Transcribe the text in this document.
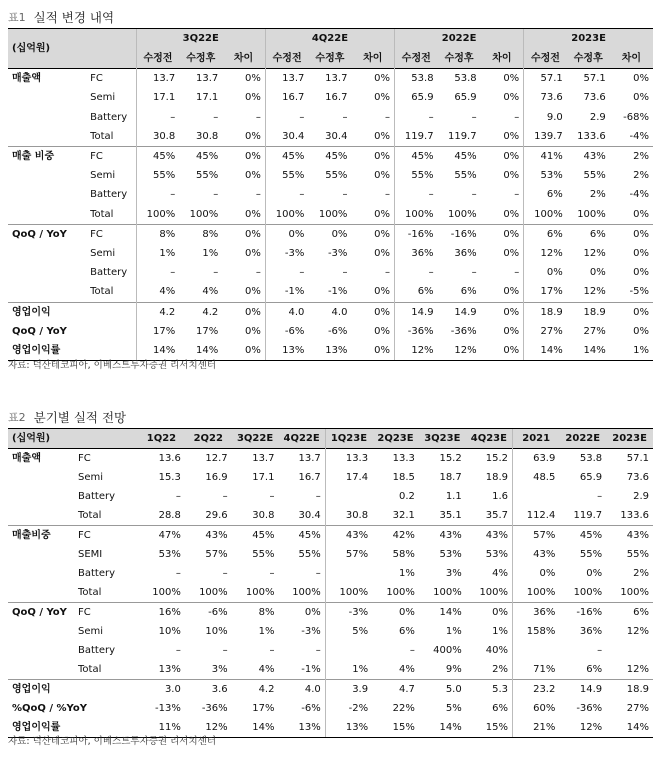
표1 실적 변경 내역
(십억원)		3Q22E			4Q22E			2022E			2023E		
		수정전	수정후	차이	수정전	수정후	차이	수정전	수정후	차이	수정전	수정후	차이
매출액	FC	13.7	13.7	0%	13.7	13.7	0%	53.8	53.8	0%	57.1	57.1	0%
	Semi	17.1	17.1	0%	16.7	16.7	0%	65.9	65.9	0%	73.6	73.6	0%
	Battery	–	–	–	–	–	–	–	–	–	9.0	2.9	-68%
	Total	30.8	30.8	0%	30.4	30.4	0%	119.7	119.7	0%	139.7	133.6	-4%
매출 비중	FC	45%	45%	0%	45%	45%	0%	45%	45%	0%	41%	43%	2%
	Semi	55%	55%	0%	55%	55%	0%	55%	55%	0%	53%	55%	2%
	Battery	–	–	–	–	–	–	–	–	–	6%	2%	-4%
	Total	100%	100%	0%	100%	100%	0%	100%	100%	0%	100%	100%	0%
QoQ / YoY	FC	8%	8%	0%	0%	0%	0%	-16%	-16%	0%	6%	6%	0%
	Semi	1%	1%	0%	-3%	-3%	0%	36%	36%	0%	12%	12%	0%
	Battery	–	–	–	–	–	–	–	–	–	0%	0%	0%
	Total	4%	4%	0%	-1%	-1%	0%	6%	6%	0%	17%	12%	-5%
영업이익		4.2	4.2	0%	4.0	4.0	0%	14.9	14.9	0%	18.9	18.9	0%
QoQ / YoY		17%	17%	0%	-6%	-6%	0%	-36%	-36%	0%	27%	27%	0%
영업이익률		14%	14%	0%	13%	13%	0%	12%	12%	0%	14%	14%	1%
자료: 덕산테코피아, 이베스트투자증권 리서치센터
표2 분기별 실적 전망
(십억원)		1Q22	2Q22	3Q22E	4Q22E	1Q23E	2Q23E	3Q23E	4Q23E	2021	2022E	2023E
매출액	FC	13.6	12.7	13.7	13.7	13.3	13.3	15.2	15.2	63.9	53.8	57.1
	Semi	15.3	16.9	17.1	16.7	17.4	18.5	18.7	18.9	48.5	65.9	73.6
	Battery	–	–	–	–		0.2	1.1	1.6		–	2.9
	Total	28.8	29.6	30.8	30.4	30.8	32.1	35.1	35.7	112.4	119.7	133.6
매출비중	FC	47%	43%	45%	45%	43%	42%	43%	43%	57%	45%	43%
	SEMI	53%	57%	55%	55%	57%	58%	53%	53%	43%	55%	55%
	Battery	–	–	–	–		1%	3%	4%	0%	0%	2%
	Total	100%	100%	100%	100%	100%	100%	100%	100%	100%	100%	100%
QoQ / YoY	FC	16%	-6%	8%	0%	-3%	0%	14%	0%	36%	-16%	6%
	Semi	10%	10%	1%	-3%	5%	6%	1%	1%	158%	36%	12%
	Battery	–	–	–	–		–	400%	40%		–	
	Total	13%	3%	4%	-1%	1%	4%	9%	2%	71%	6%	12%
영업이익		3.0	3.6	4.2	4.0	3.9	4.7	5.0	5.3	23.2	14.9	18.9
%QoQ / %YoY		-13%	-36%	17%	-6%	-2%	22%	5%	6%	60%	-36%	27%
영업이익률		11%	12%	14%	13%	13%	15%	14%	15%	21%	12%	14%
자료: 덕산테코피아, 이베스트투자증권 리서치센터
